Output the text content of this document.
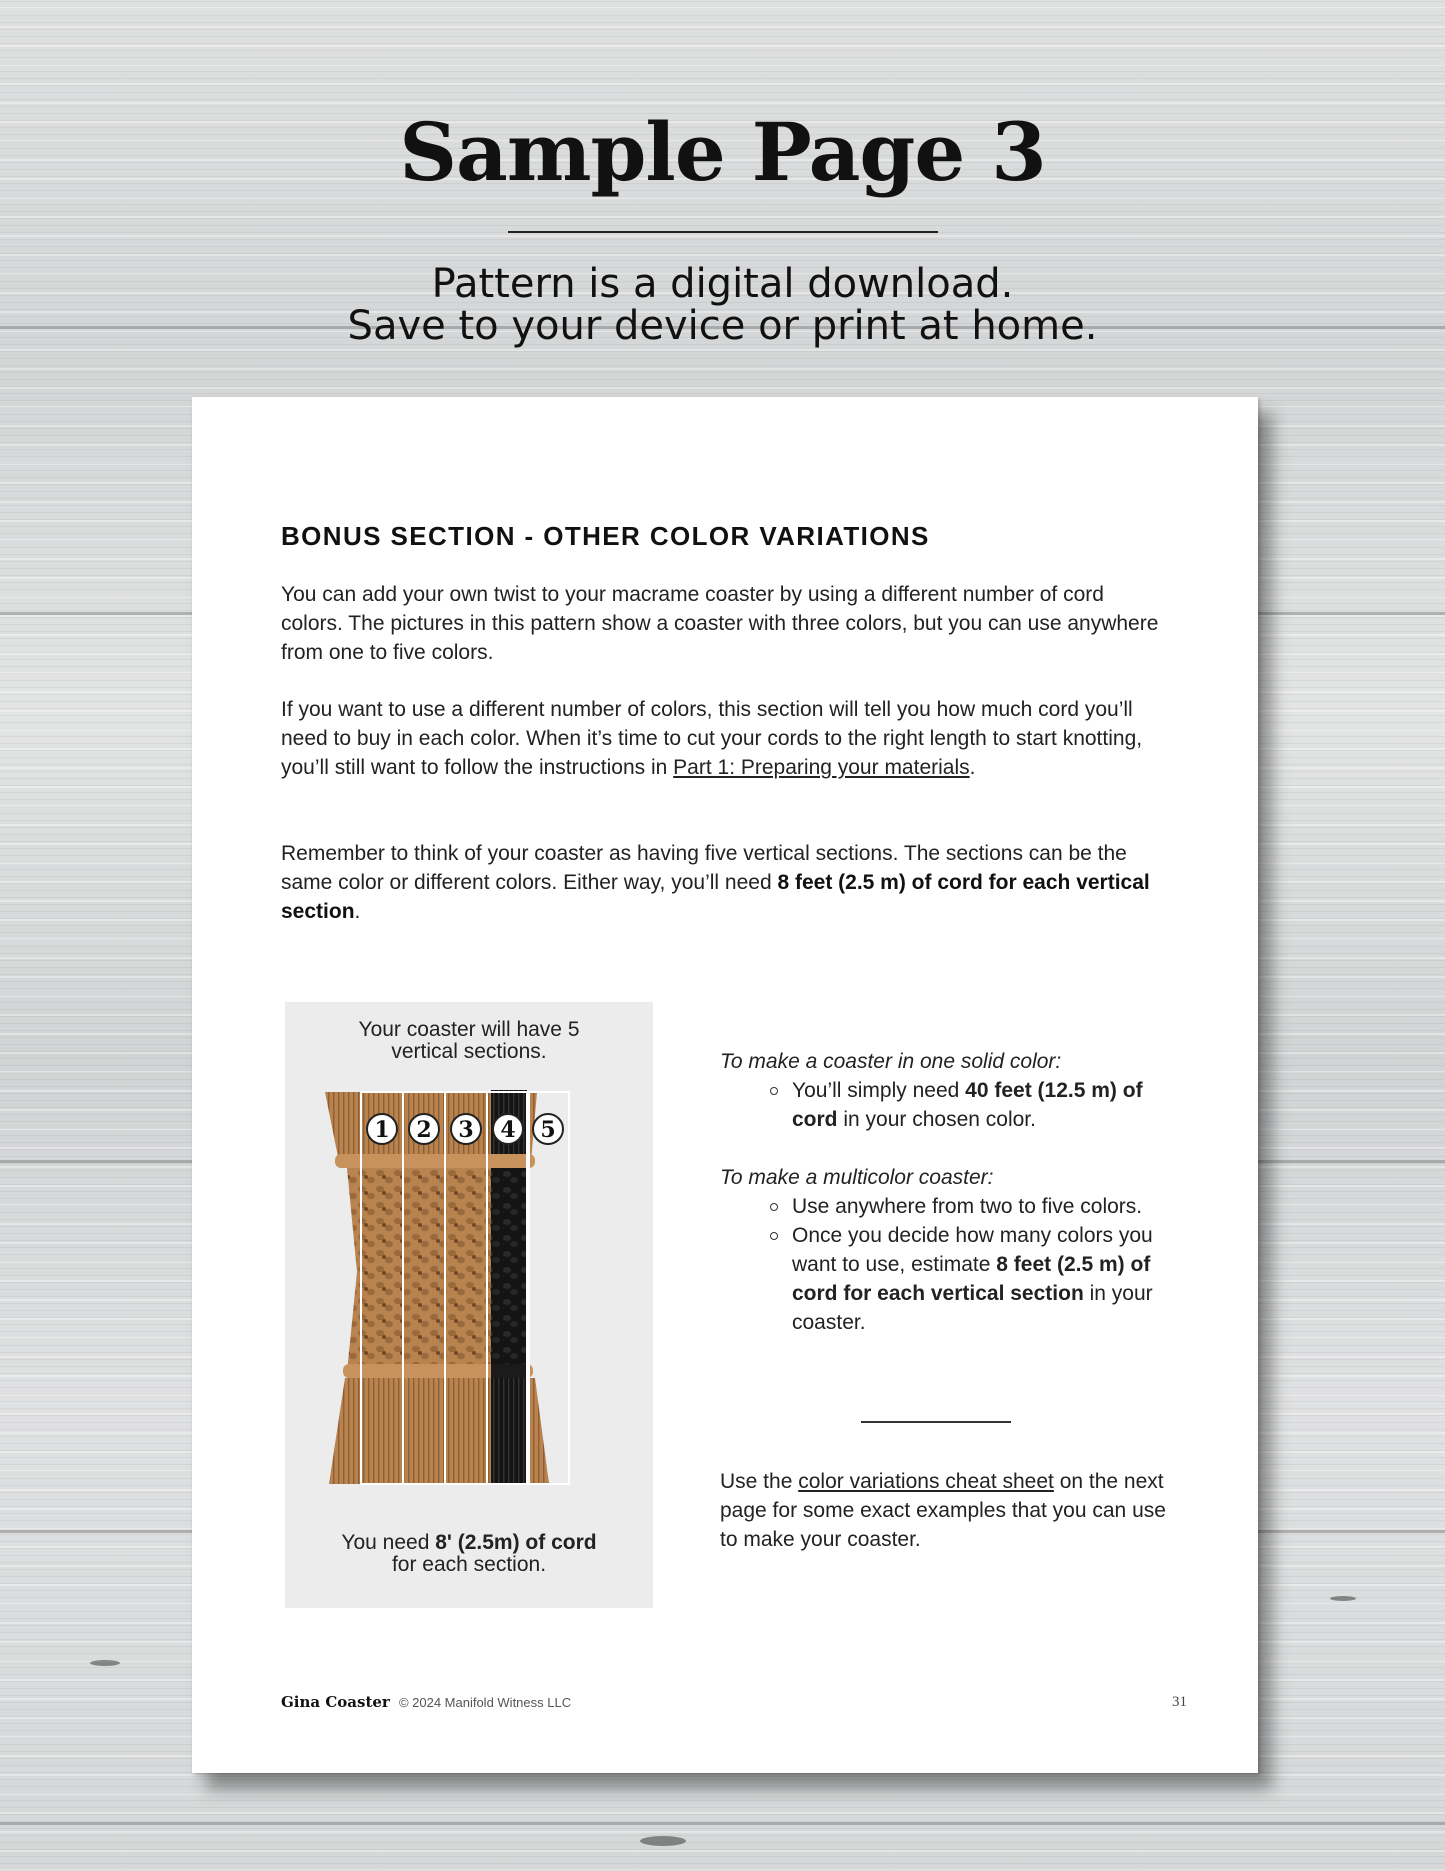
Sample Page 3
Pattern is a digital download.
Save to your device or print at home.
BONUS SECTION - OTHER COLOR VARIATIONS

You can add your own twist to your macrame coaster by using a different number of cord colors. The pictures in this pattern show a coaster with three colors, but you can use anywhere from one to five colors.

If you want to use a different number of colors, this section will tell you how much cord you’ll need to buy in each color. When it’s time to cut your cords to the right length to start knotting, you’ll still want to follow the instructions in Part 1: Preparing your materials.

Remember to think of your coaster as having five vertical sections. The sections can be the same color or different colors. Either way, you’ll need 8 feet (2.5 m) of cord for each vertical section.

Your coaster will have 5
vertical sections.
1 2 3 4 5
You need 8' (2.5m) of cord
for each section.
To make a coaster in one solid color:
You’ll simply need 40 feet (12.5 m) of cord in your chosen color.
To make a multicolor coaster:
Use anywhere from two to five colors.
Once you decide how many colors you want to use, estimate 8 feet (2.5 m) of cord for each vertical section in your coaster.

Use the color variations cheat sheet on the next page for some exact examples that you can use to make your coaster.

Gina Coaster © 2024 Manifold Witness LLC	31
